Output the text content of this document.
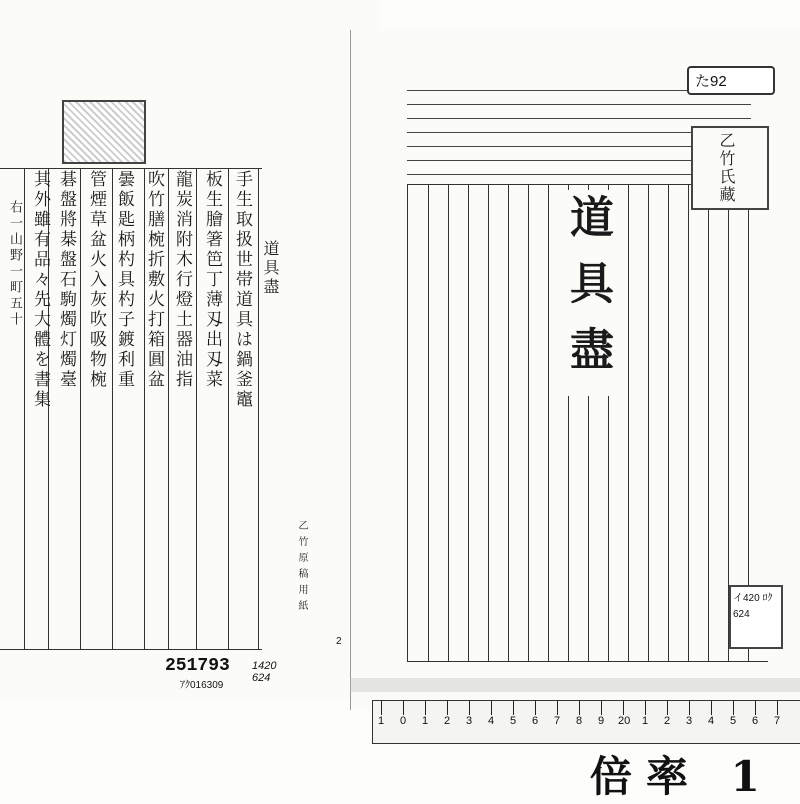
道具盡
手生取扱世帯道具は鍋釜竈
板生膾箸笆丁薄刄出刄菜
龍炭消附木行燈土器油指
吹竹膳椀折敷火打箱圓盆
曇飯匙柄杓具杓子鍍利重
管煙草盆火入灰吹吸物椀
碁盤將棊盤石駒燭灯燭臺
其外雖有品々先大體を書集
右一山野一町五十
乙竹原稿用紙
2
251793
ｱｸ016309
1420 624
道具盡
た92
乙竹氏藏
イ420 ﾛｸ624
1 0 1 2 3 4 5 6 7 8 9 20 1 2 3 4 5 6 7
倍率 1
